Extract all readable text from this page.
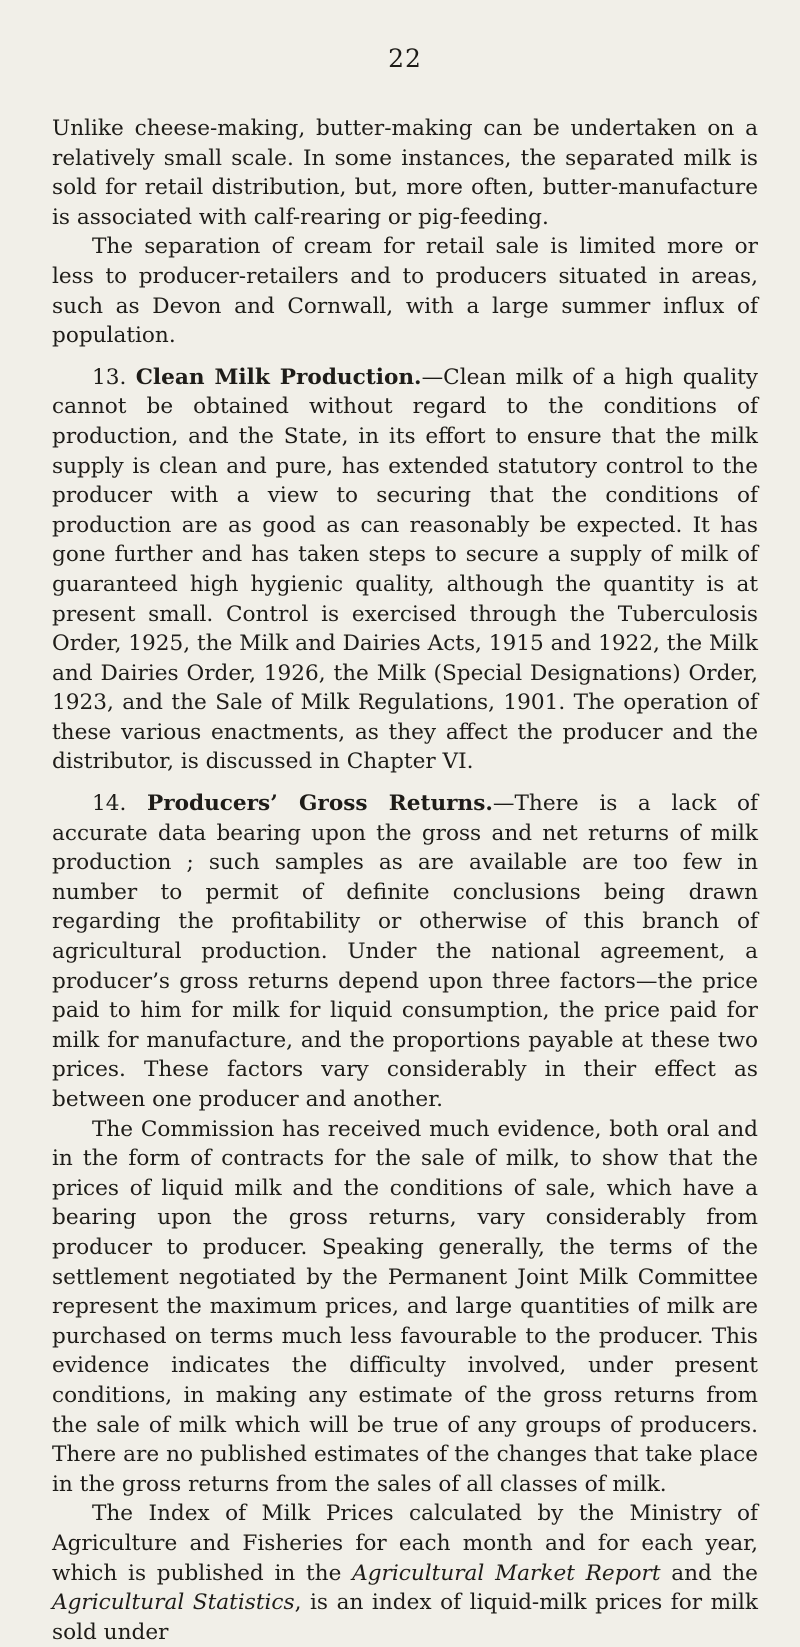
22

Unlike cheese-making, butter-making can be undertaken on a relatively small scale. In some instances, the separated milk is sold for retail distribution, but, more often, butter-manufacture is associated with calf-rearing or pig-feeding.

The separation of cream for retail sale is limited more or less to producer-retailers and to producers situated in areas, such as Devon and Cornwall, with a large summer influx of population.

13. Clean Milk Production.—Clean milk of a high quality cannot be obtained without regard to the conditions of production, and the State, in its effort to ensure that the milk supply is clean and pure, has extended statutory control to the producer with a view to securing that the conditions of production are as good as can reasonably be expected. It has gone further and has taken steps to secure a supply of milk of guaranteed high hygienic quality, although the quantity is at present small. Control is exercised through the Tuberculosis Order, 1925, the Milk and Dairies Acts, 1915 and 1922, the Milk and Dairies Order, 1926, the Milk (Special Designations) Order, 1923, and the Sale of Milk Regulations, 1901. The operation of these various enactments, as they affect the producer and the distributor, is discussed in Chapter VI.

14. Producers’ Gross Returns.—There is a lack of accurate data bearing upon the gross and net returns of milk production ; such samples as are available are too few in number to permit of definite conclusions being drawn regarding the profitability or otherwise of this branch of agricultural production. Under the national agreement, a producer’s gross returns depend upon three factors—the price paid to him for milk for liquid consumption, the price paid for milk for manufacture, and the proportions payable at these two prices. These factors vary considerably in their effect as between one producer and another.

The Commission has received much evidence, both oral and in the form of contracts for the sale of milk, to show that the prices of liquid milk and the conditions of sale, which have a bearing upon the gross returns, vary considerably from producer to producer. Speaking generally, the terms of the settlement negotiated by the Permanent Joint Milk Committee represent the maximum prices, and large quantities of milk are purchased on terms much less favourable to the producer. This evidence indicates the difficulty involved, under present conditions, in making any estimate of the gross returns from the sale of milk which will be true of any groups of producers. There are no published estimates of the changes that take place in the gross returns from the sales of all classes of milk.

The Index of Milk Prices calculated by the Ministry of Agriculture and Fisheries for each month and for each year, which is published in the Agricultural Market Report and the Agricultural Statistics, is an index of liquid-milk prices for milk sold under
